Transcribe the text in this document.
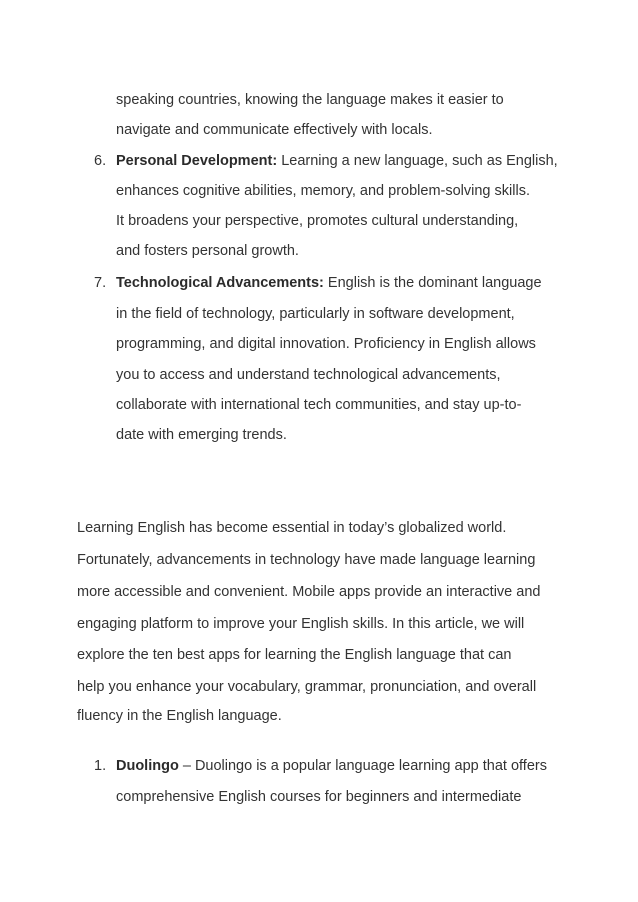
speaking countries, knowing the language makes it easier to
navigate and communicate effectively with locals.
6. Personal Development: Learning a new language, such as English,
enhances cognitive abilities, memory, and problem-solving skills.
It broadens your perspective, promotes cultural understanding,
and fosters personal growth.
7. Technological Advancements: English is the dominant language
in the field of technology, particularly in software development,
programming, and digital innovation. Proficiency in English allows
you to access and understand technological advancements,
collaborate with international tech communities, and stay up-to-
date with emerging trends.
Learning English has become essential in today’s globalized world.
Fortunately, advancements in technology have made language learning
more accessible and convenient. Mobile apps provide an interactive and
engaging platform to improve your English skills. In this article, we will
explore the ten best apps for learning the English language that can
help you enhance your vocabulary, grammar, pronunciation, and overall
fluency in the English language.
1. Duolingo – Duolingo is a popular language learning app that offers
comprehensive English courses for beginners and intermediate
